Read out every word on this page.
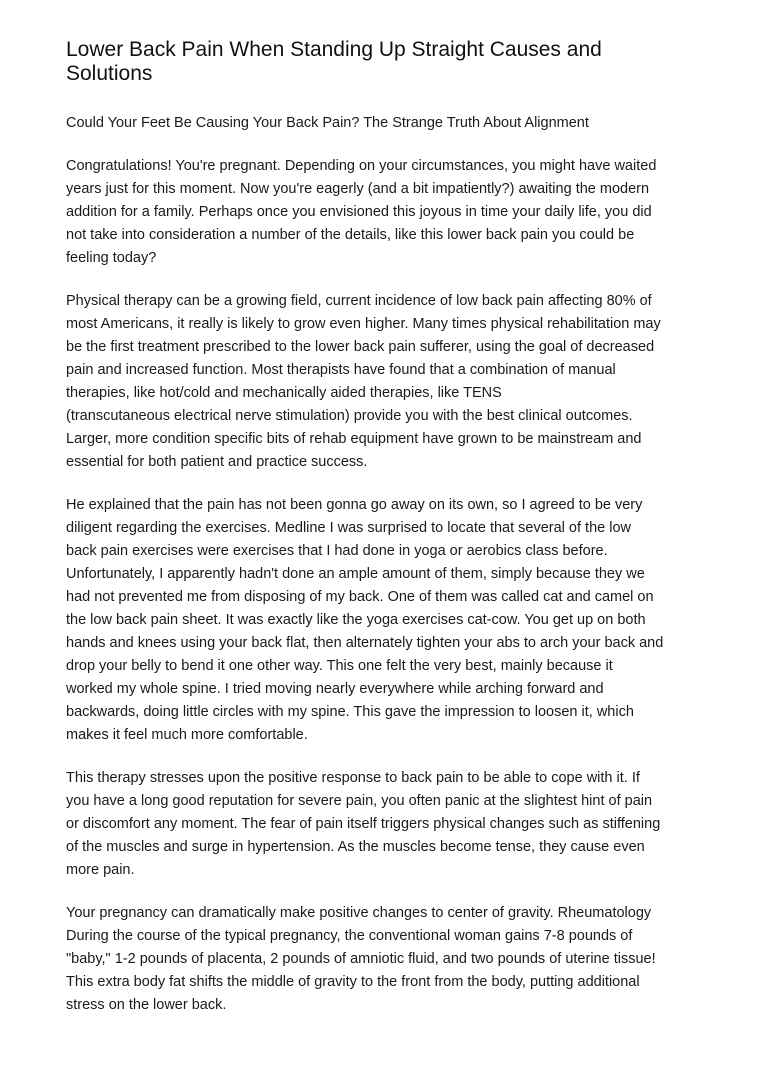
Lower Back Pain When Standing Up Straight Causes and
Solutions

Could Your Feet Be Causing Your Back Pain? The Strange Truth About Alignment

Congratulations! You're pregnant. Depending on your circumstances, you might have waited
years just for this moment. Now you're eagerly (and a bit impatiently?) awaiting the modern
addition for a family. Perhaps once you envisioned this joyous in time your daily life, you did
not take into consideration a number of the details, like this lower back pain you could be
feeling today?

Physical therapy can be a growing field, current incidence of low back pain affecting 80% of
most Americans, it really is likely to grow even higher. Many times physical rehabilitation may
be the first treatment prescribed to the lower back pain sufferer, using the goal of decreased
pain and increased function. Most therapists have found that a combination of manual
therapies, like hot/cold and mechanically aided therapies, like TENS
(transcutaneous electrical nerve stimulation) provide you with the best clinical outcomes.
Larger, more condition specific bits of rehab equipment have grown to be mainstream and
essential for both patient and practice success.

He explained that the pain has not been gonna go away on its own, so I agreed to be very
diligent regarding the exercises. Medline I was surprised to locate that several of the low
back pain exercises were exercises that I had done in yoga or aerobics class before.
Unfortunately, I apparently hadn't done an ample amount of them, simply because they we
had not prevented me from disposing of my back. One of them was called cat and camel on
the low back pain sheet. It was exactly like the yoga exercises cat-cow. You get up on both
hands and knees using your back flat, then alternately tighten your abs to arch your back and
drop your belly to bend it one other way. This one felt the very best, mainly because it
worked my whole spine. I tried moving nearly everywhere while arching forward and
backwards, doing little circles with my spine. This gave the impression to loosen it, which
makes it feel much more comfortable.

This therapy stresses upon the positive response to back pain to be able to cope with it. If
you have a long good reputation for severe pain, you often panic at the slightest hint of pain
or discomfort any moment. The fear of pain itself triggers physical changes such as stiffening
of the muscles and surge in hypertension. As the muscles become tense, they cause even
more pain.

Your pregnancy can dramatically make positive changes to center of gravity. Rheumatology
During the course of the typical pregnancy, the conventional woman gains 7-8 pounds of
"baby," 1-2 pounds of placenta, 2 pounds of amniotic fluid, and two pounds of uterine tissue!
This extra body fat shifts the middle of gravity to the front from the body, putting additional
stress on the lower back.
